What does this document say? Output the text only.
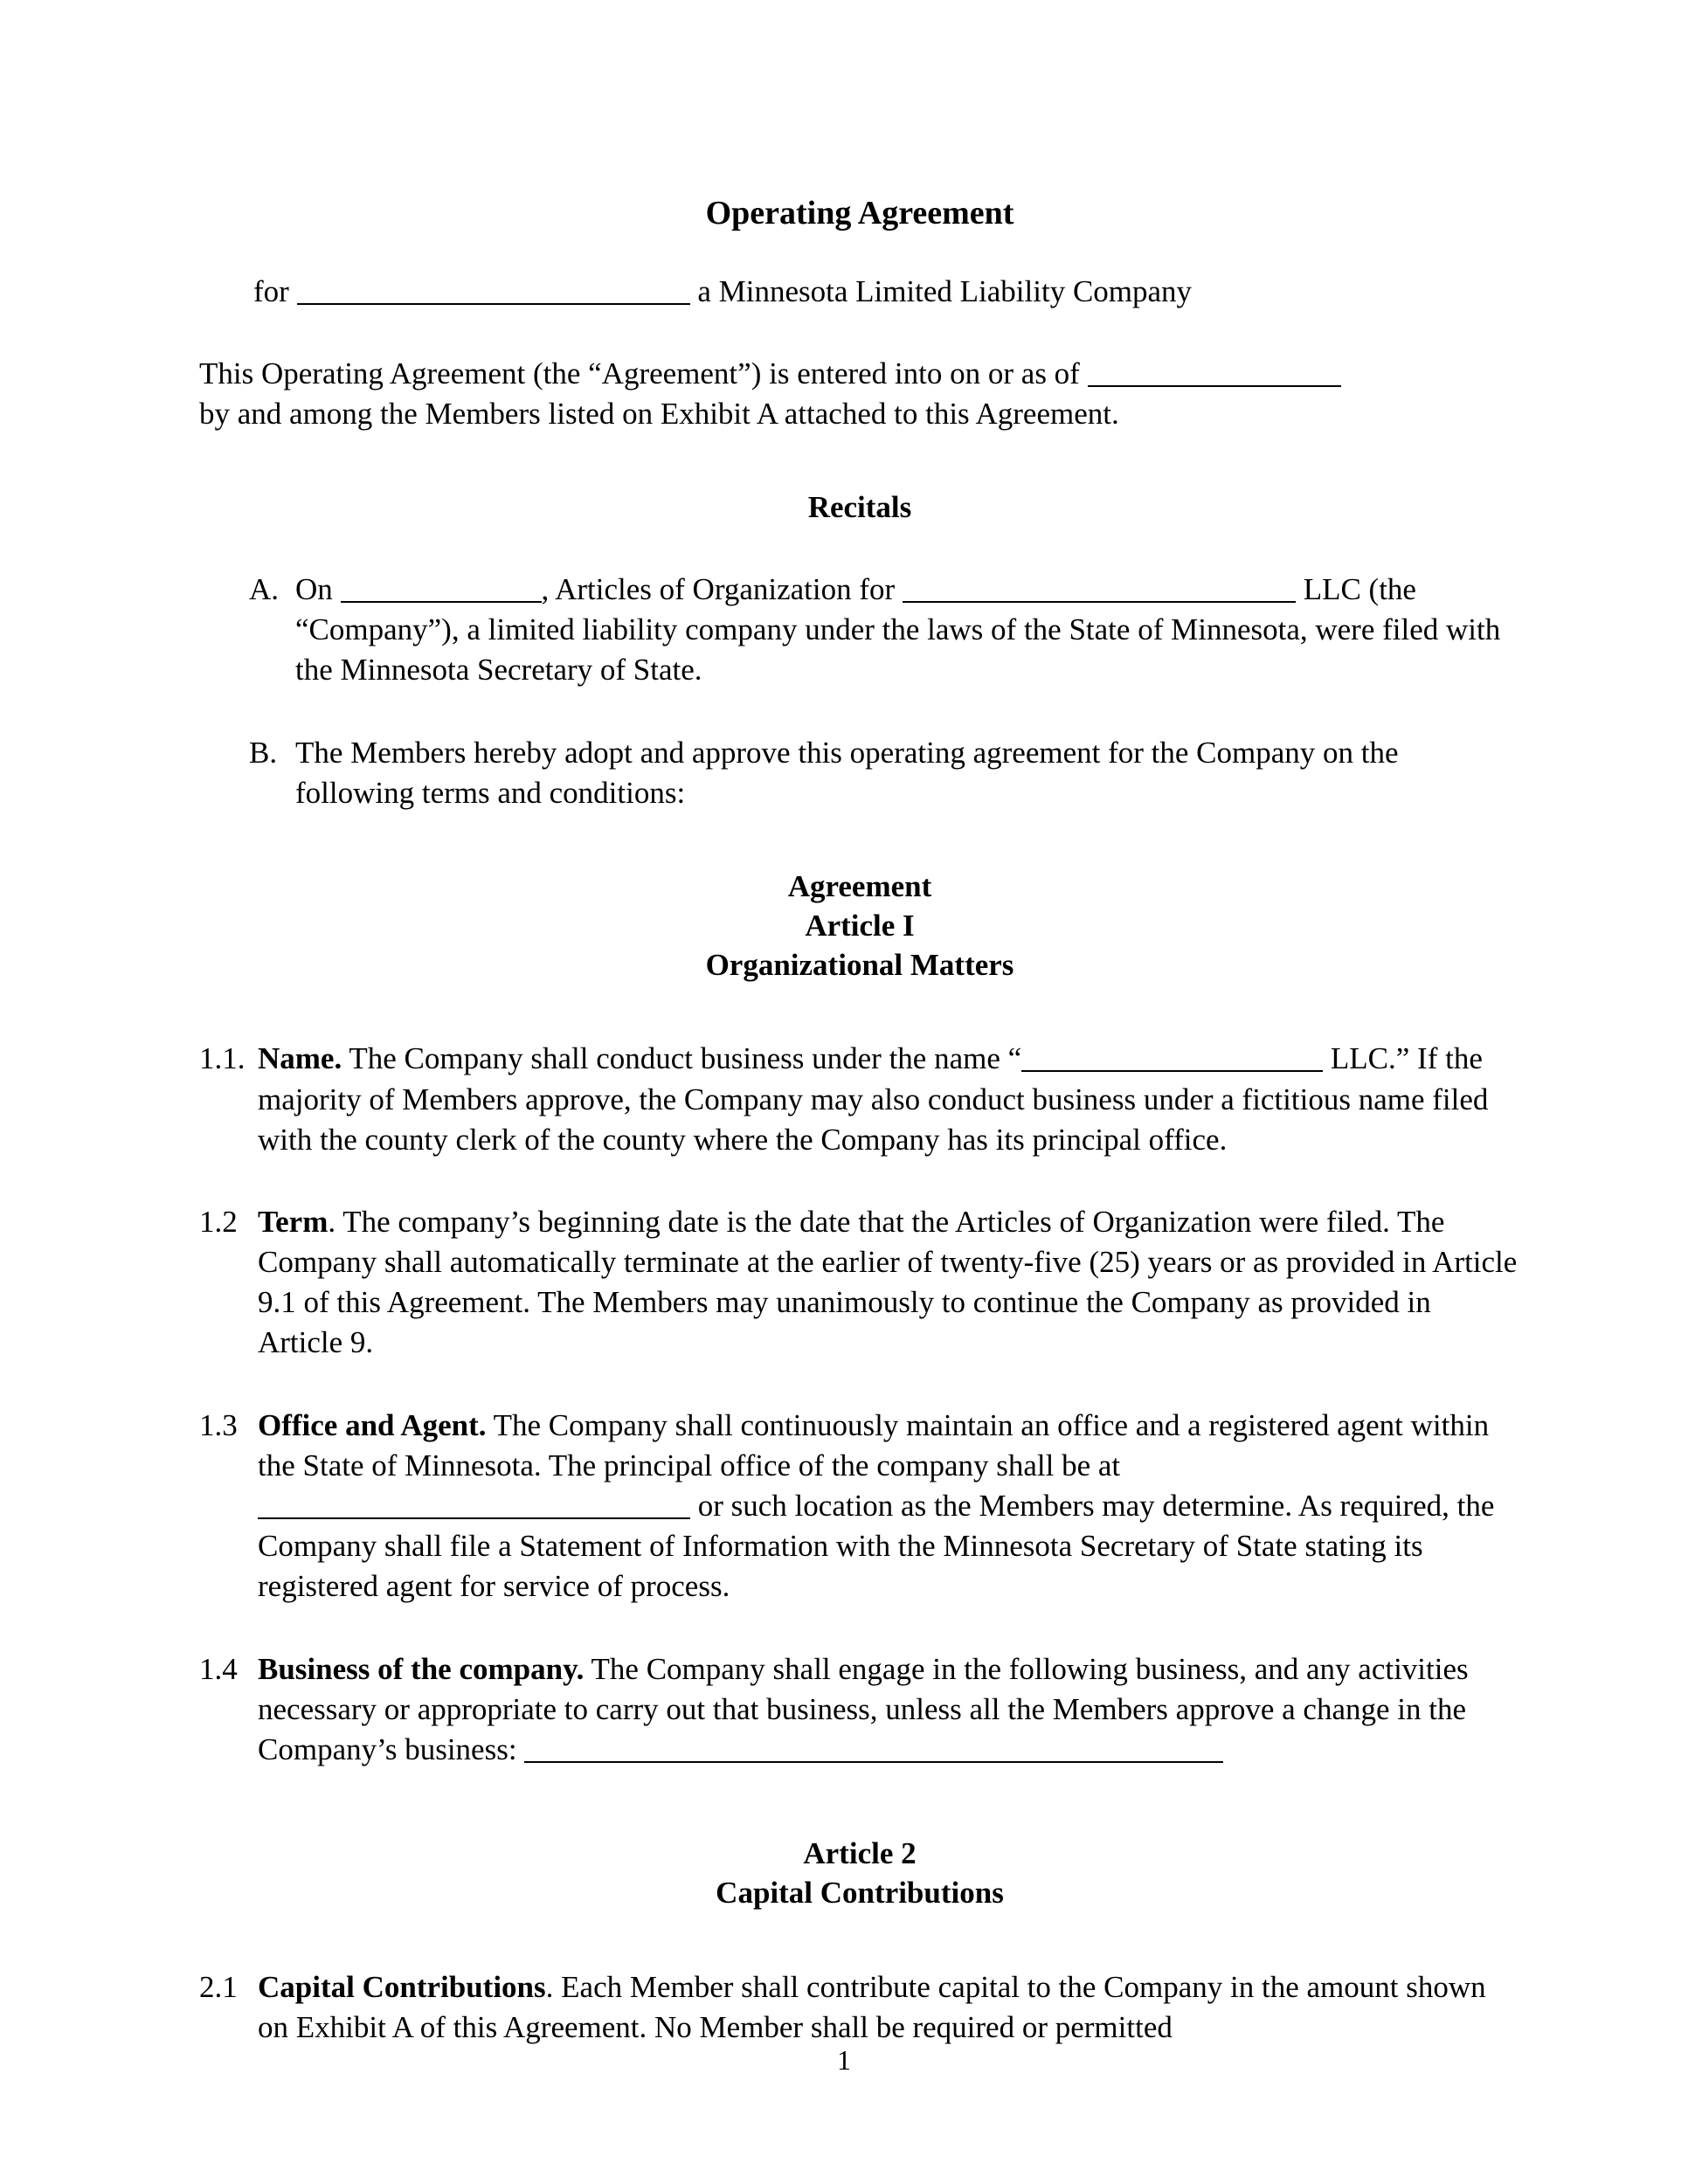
Operating Agreement
for	a Minnesota Limited Liability Company

This Operating Agreement (the “Agreement”) is entered into on or as of
by and among the Members listed on Exhibit A attached to this Agreement.

Recitals

A. On	, Articles of Organization for	LLC (the “Company”), a limited liability company under the laws of the State of Minnesota, were filed with the Minnesota Secretary of State.

B. The Members hereby adopt and approve this operating agreement for the Company on the following terms and conditions:

Agreement
Article I
Organizational Matters

1.1. Name. The Company shall conduct business under the name “	LLC.” If the majority of Members approve, the Company may also conduct business under a fictitious name filed with the county clerk of the county where the Company has its principal office.

1.2 Term. The company’s beginning date is the date that the Articles of Organization were filed. The Company shall automatically terminate at the earlier of twenty-five (25) years or as provided in Article 9.1 of this Agreement. The Members may unanimously to continue the Company as provided in Article 9.

1.3 Office and Agent. The Company shall continuously maintain an office and a registered agent within the State of Minnesota. The principal office of the company shall be at  or such location as the Members may determine. As required, the Company shall file a Statement of Information with the Minnesota Secretary of State stating its registered agent for service of process.

1.4 Business of the company. The Company shall engage in the following business, and any activities necessary or appropriate to carry out that business, unless all the Members approve a change in the Company’s business:

Article 2
Capital Contributions

2.1 Capital Contributions. Each Member shall contribute capital to the Company in the amount shown on Exhibit A of this Agreement. No Member shall be required or permitted

1
